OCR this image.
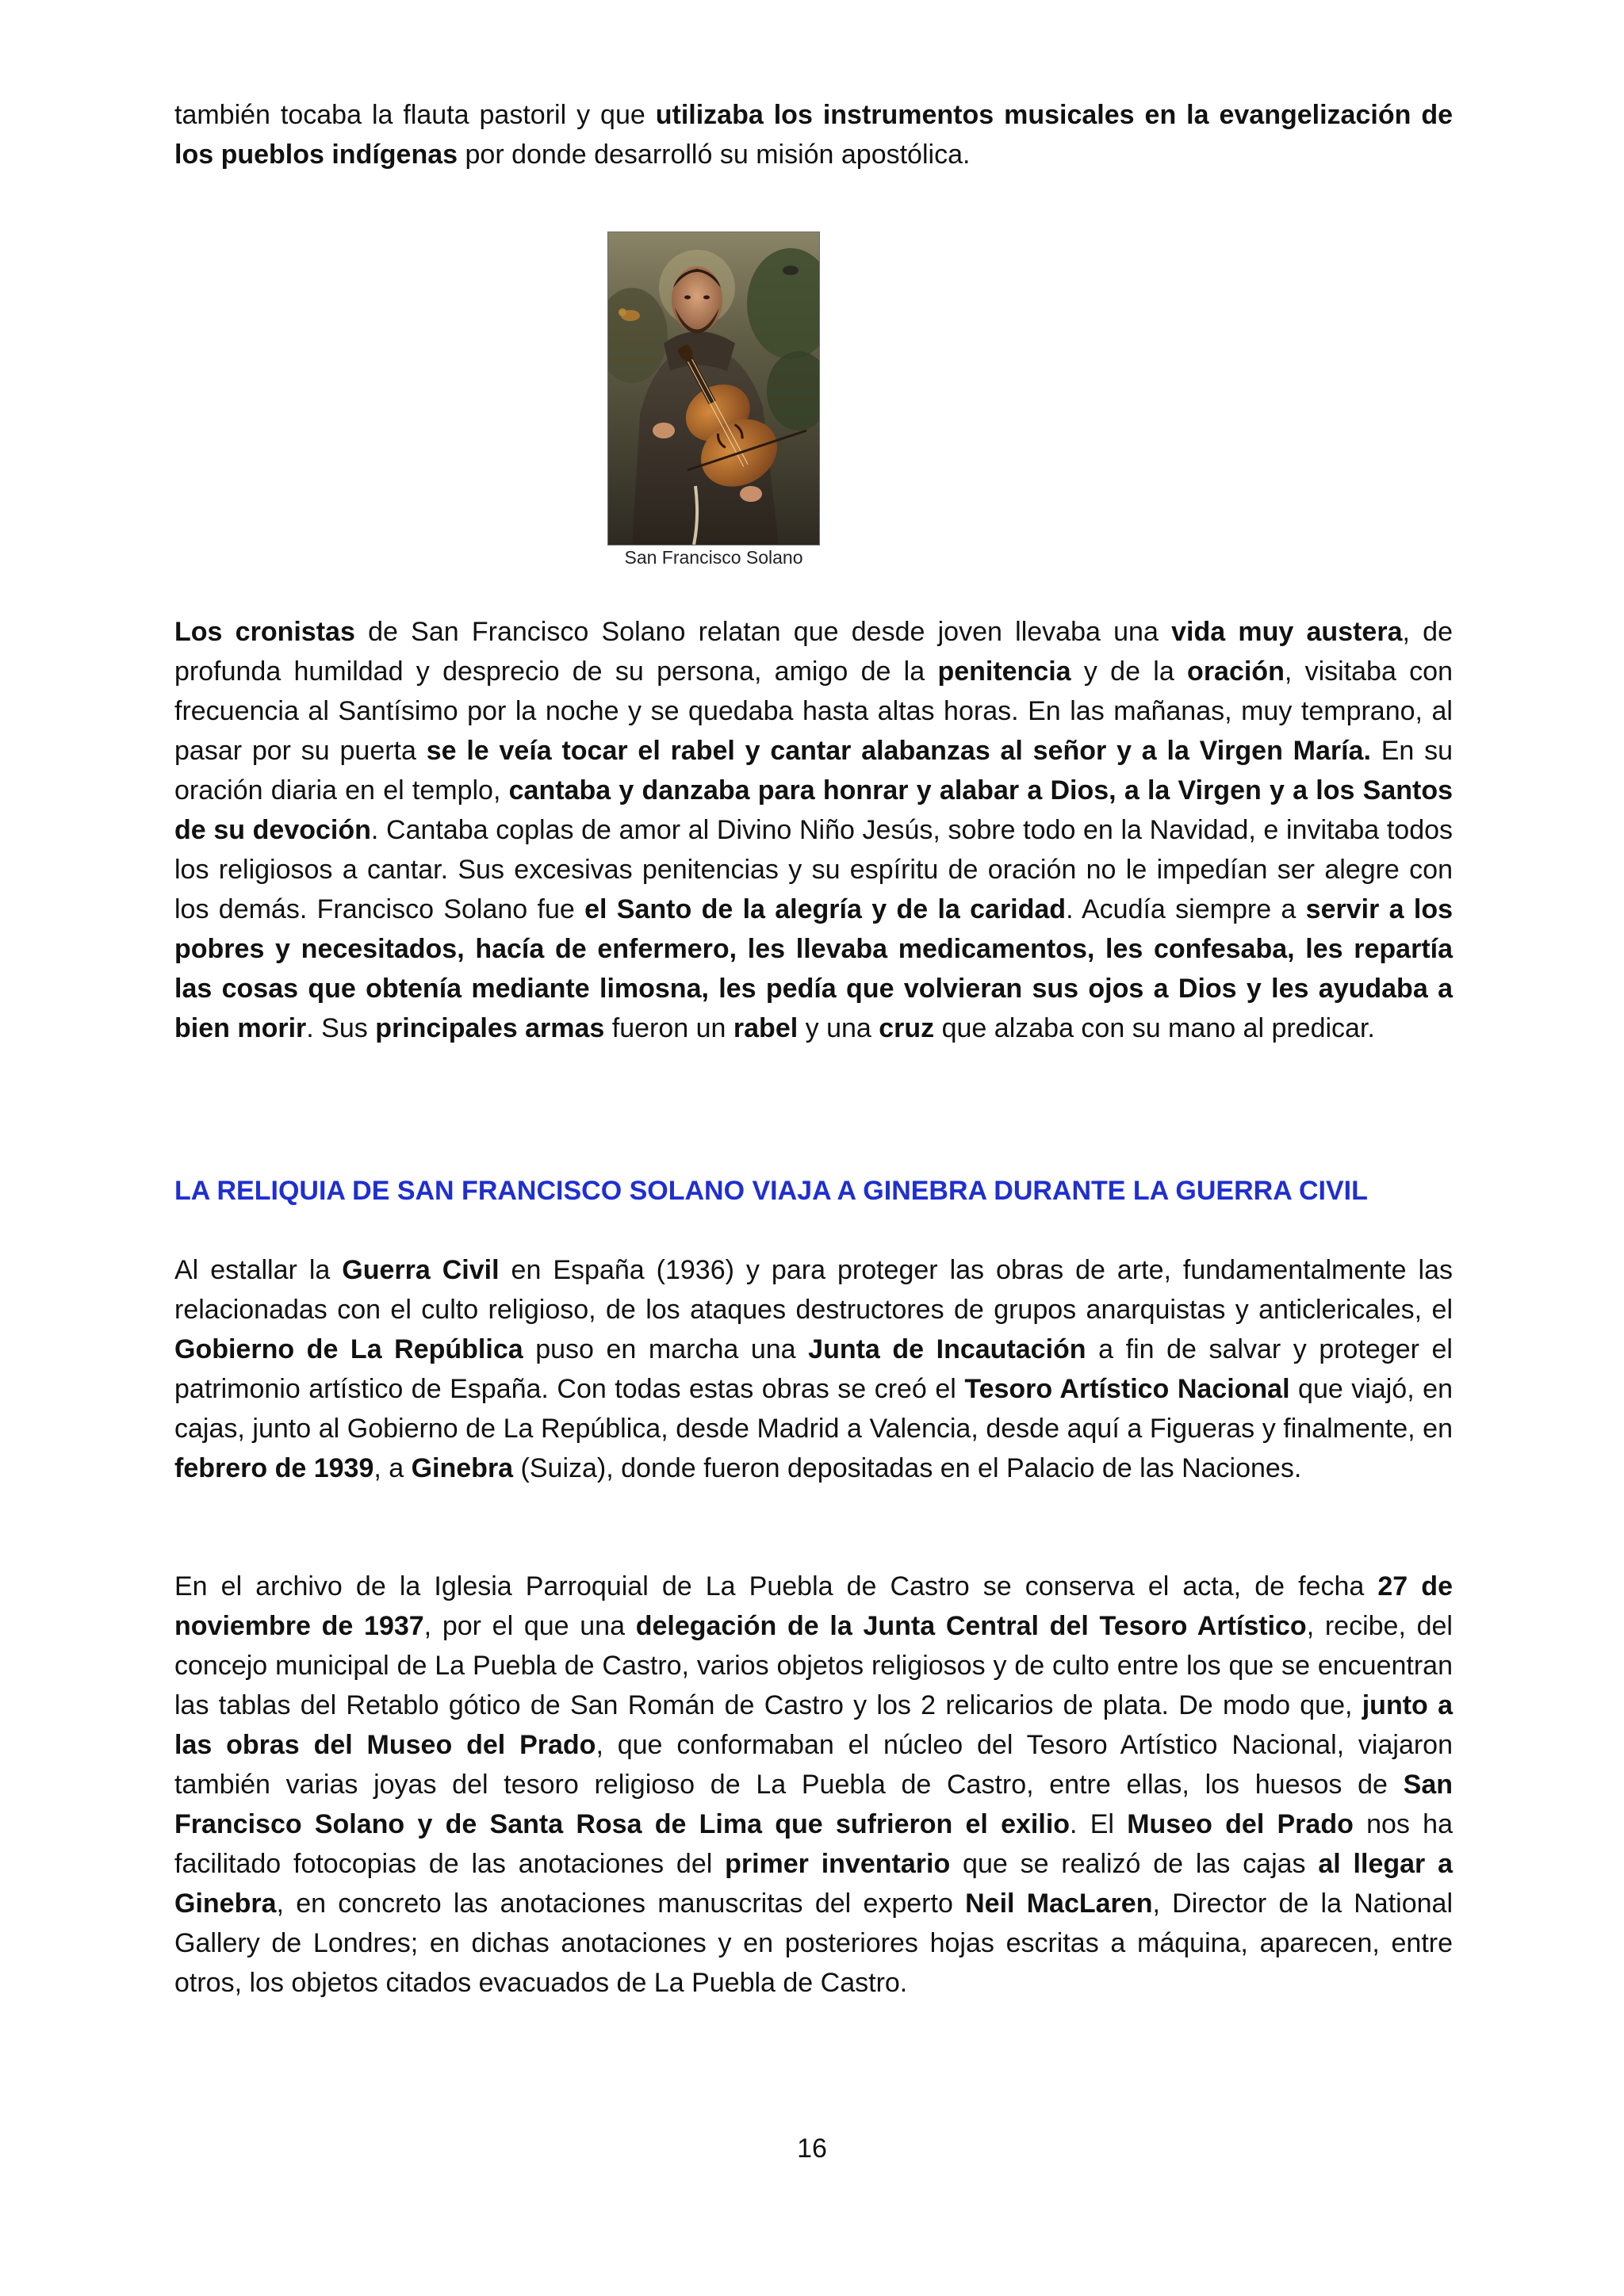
también tocaba la flauta pastoril y que utilizaba los instrumentos musicales en la evangelización de los pueblos indígenas por donde desarrolló su misión apostólica.

San Francisco Solano

Los cronistas de San Francisco Solano relatan que desde joven llevaba una vida muy austera, de profunda humildad y desprecio de su persona, amigo de la penitencia y de la oración, visitaba con frecuencia al Santísimo por la noche y se quedaba hasta altas horas. En las mañanas, muy temprano, al pasar por su puerta se le veía tocar el rabel y cantar alabanzas al señor y a la Virgen María. En su oración diaria en el templo, cantaba y danzaba para honrar y alabar a Dios, a la Virgen y a los Santos de su devoción. Cantaba coplas de amor al Divino Niño Jesús, sobre todo en la Navidad, e invitaba todos los religiosos a cantar. Sus excesivas penitencias y su espíritu de oración no le impedían ser alegre con los demás. Francisco Solano fue el Santo de la alegría y de la caridad. Acudía siempre a servir a los pobres y necesitados, hacía de enfermero, les llevaba medicamentos, les confesaba, les repartía las cosas que obtenía mediante limosna, les pedía que volvieran sus ojos a Dios y les ayudaba a bien morir. Sus principales armas fueron un rabel y una cruz que alzaba con su mano al predicar.

LA RELIQUIA DE SAN FRANCISCO SOLANO VIAJA A GINEBRA DURANTE LA GUERRA CIVIL

Al estallar la Guerra Civil en España (1936) y para proteger las obras de arte, fundamentalmente las relacionadas con el culto religioso, de los ataques destructores de grupos anarquistas y anticlericales, el Gobierno de La República puso en marcha una Junta de Incautación a fin de salvar y proteger el patrimonio artístico de España. Con todas estas obras se creó el Tesoro Artístico Nacional que viajó, en cajas, junto al Gobierno de La República, desde Madrid a Valencia, desde aquí a Figueras y finalmente, en febrero de 1939, a Ginebra (Suiza), donde fueron depositadas en el Palacio de las Naciones.

En el archivo de la Iglesia Parroquial de La Puebla de Castro se conserva el acta, de fecha 27 de noviembre de 1937, por el que una delegación de la Junta Central del Tesoro Artístico, recibe, del concejo municipal de La Puebla de Castro, varios objetos religiosos y de culto entre los que se encuentran las tablas del Retablo gótico de San Román de Castro y los 2 relicarios de plata. De modo que, junto a las obras del Museo del Prado, que conformaban el núcleo del Tesoro Artístico Nacional, viajaron también varias joyas del tesoro religioso de La Puebla de Castro, entre ellas, los huesos de San Francisco Solano y de Santa Rosa de Lima que sufrieron el exilio. El Museo del Prado nos ha facilitado fotocopias de las anotaciones del primer inventario que se realizó de las cajas al llegar a Ginebra, en concreto las anotaciones manuscritas del experto Neil MacLaren, Director de la National Gallery de Londres; en dichas anotaciones y en posteriores hojas escritas a máquina, aparecen, entre otros, los objetos citados evacuados de La Puebla de Castro.

16
